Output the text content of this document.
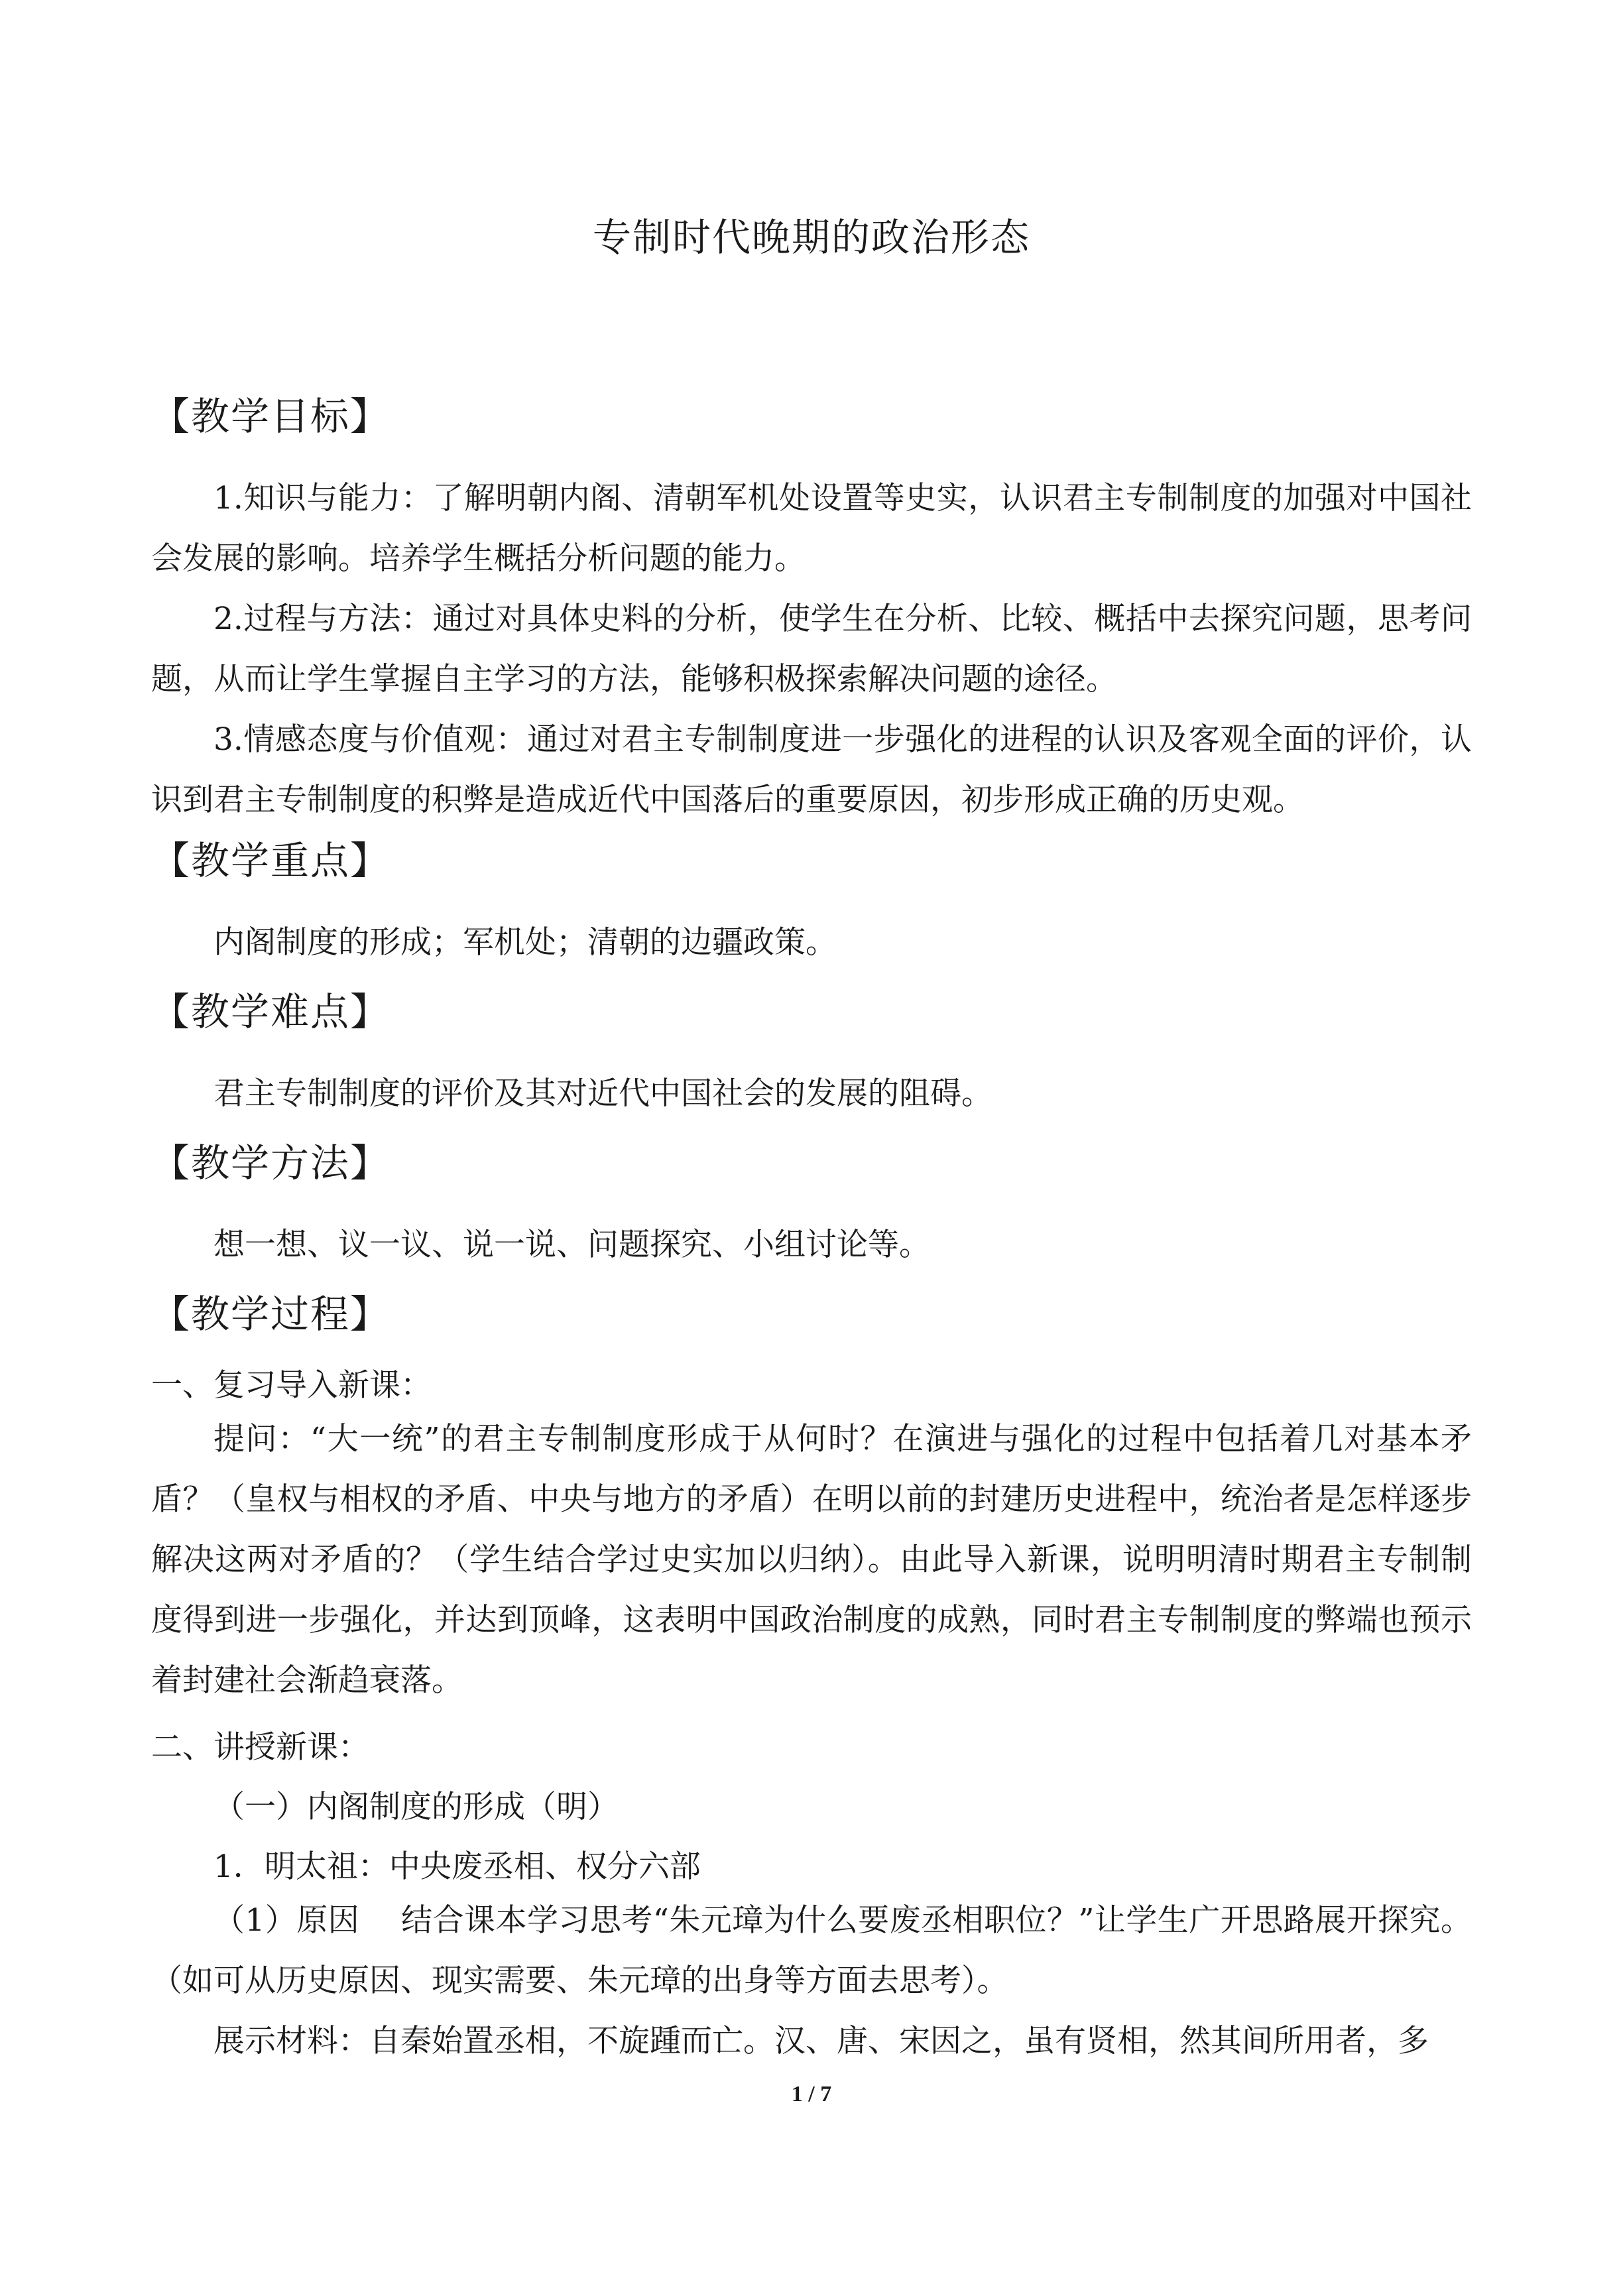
专制时代晚期的政治形态
【教学目标】
1.知识与能力：了解明朝内阁、清朝军机处设置等史实，认识君主专制制度的加强对中国社会发展的影响。培养学生概括分析问题的能力。
2.过程与方法：通过对具体史料的分析，使学生在分析、比较、概括中去探究问题，思考问题，从而让学生掌握自主学习的方法，能够积极探索解决问题的途径。
3.情感态度与价值观：通过对君主专制制度进一步强化的进程的认识及客观全面的评价，认识到君主专制制度的积弊是造成近代中国落后的重要原因，初步形成正确的历史观。
【教学重点】
内阁制度的形成；军机处；清朝的边疆政策。
【教学难点】
君主专制制度的评价及其对近代中国社会的发展的阻碍。
【教学方法】
想一想、议一议、说一说、问题探究、小组讨论等。
【教学过程】
一、复习导入新课：
提问：“大一统”的君主专制制度形成于从何时？在演进与强化的过程中包括着几对基本矛盾？（皇权与相权的矛盾、中央与地方的矛盾）在明以前的封建历史进程中，统治者是怎样逐步解决这两对矛盾的？（学生结合学过史实加以归纳）。由此导入新课，说明明清时期君主专制制度得到进一步强化，并达到顶峰，这表明中国政治制度的成熟，同时君主专制制度的弊端也预示着封建社会渐趋衰落。
二、讲授新课：
（一）内阁制度的形成（明）
1．明太祖：中央废丞相、权分六部
（1）原因　 结合课本学习思考“朱元璋为什么要废丞相职位？”让学生广开思路展开探究。（如可从历史原因、现实需要、朱元璋的出身等方面去思考）。
展示材料：自秦始置丞相，不旋踵而亡。汉、唐、宋因之，虽有贤相，然其间所用者，多
1 / 7
